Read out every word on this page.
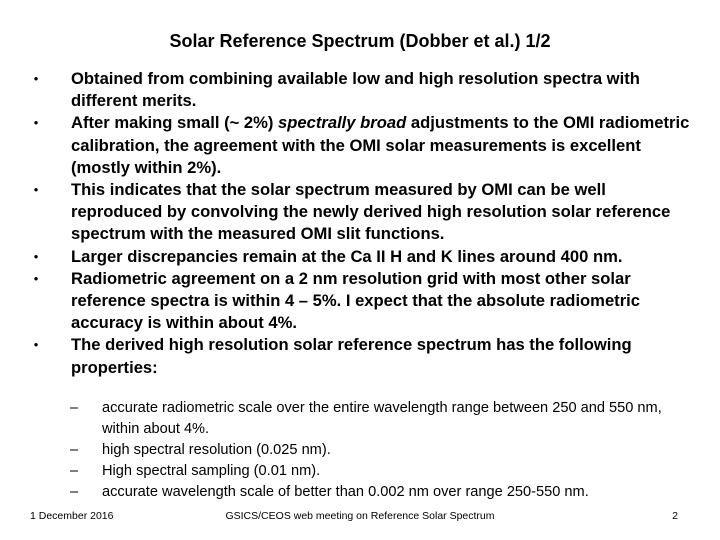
Solar Reference Spectrum (Dobber et al.) 1/2
• Obtained from combining available low and high resolution spectra with different merits.
• After making small (~ 2%) spectrally broad adjustments to the OMI radiometric calibration, the agreement with the OMI solar measurements is excellent (mostly within 2%).
• This indicates that the solar spectrum measured by OMI can be well reproduced by convolving the newly derived high resolution solar reference spectrum with the measured OMI slit functions.
• Larger discrepancies remain at the Ca II H and K lines around 400 nm.
• Radiometric agreement on a 2 nm resolution grid with most other solar reference spectra is within 4 – 5%. I expect that the absolute radiometric accuracy is within about 4%.
• The derived high resolution solar reference spectrum has the following properties:
– accurate radiometric scale over the entire wavelength range between 250 and 550 nm, within about 4%.
– high spectral resolution (0.025 nm).
– High spectral sampling (0.01 nm).
– accurate wavelength scale of better than 0.002 nm over range 250-550 nm.
1 December 2016	GSICS/CEOS web meeting on Reference Solar Spectrum	2
